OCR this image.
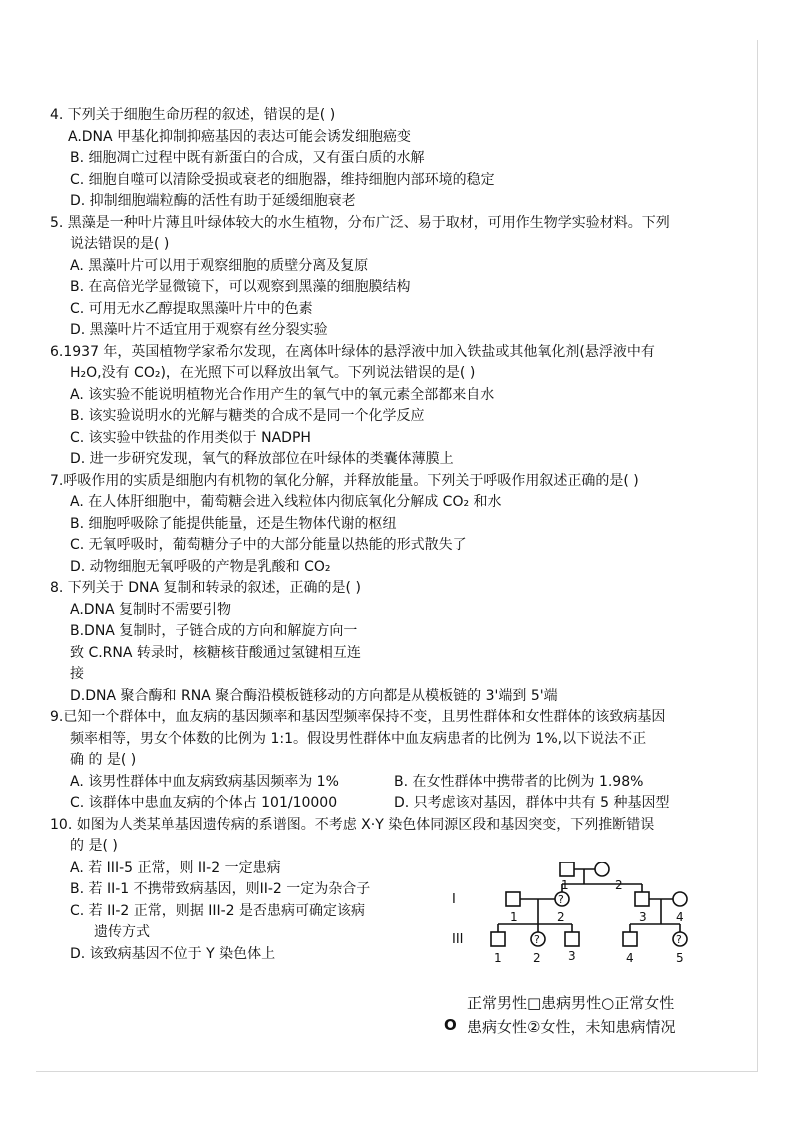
4. 下列关于细胞生命历程的叙述，错误的是( )
A.DNA 甲基化抑制抑癌基因的表达可能会诱发细胞癌变
B. 细胞凋亡过程中既有新蛋白的合成，又有蛋白质的水解
C. 细胞自噬可以清除受损或衰老的细胞器，维持细胞内部环境的稳定
D. 抑制细胞端粒酶的活性有助于延缓细胞衰老
5. 黑藻是一种叶片薄且叶绿体较大的水生植物，分布广泛、易于取材，可用作生物学实验材料。下列
说法错误的是( )
A. 黑藻叶片可以用于观察细胞的质壁分离及复原
B. 在高倍光学显微镜下，可以观察到黑藻的细胞膜结构
C. 可用无水乙醇提取黑藻叶片中的色素
D. 黑藻叶片不适宜用于观察有丝分裂实验
6.1937 年，英国植物学家希尔发现，在离体叶绿体的悬浮液中加入铁盐或其他氧化剂(悬浮液中有
H₂O,没有 CO₂)，在光照下可以释放出氧气。下列说法错误的是( )
A. 该实验不能说明植物光合作用产生的氧气中的氧元素全部都来自水
B. 该实验说明水的光解与糖类的合成不是同一个化学反应
C. 该实验中铁盐的作用类似于 NADPH
D. 进一步研究发现，氧气的释放部位在叶绿体的类囊体薄膜上
7.呼吸作用的实质是细胞内有机物的氧化分解，并释放能量。下列关于呼吸作用叙述正确的是( )
A. 在人体肝细胞中，葡萄糖会进入线粒体内彻底氧化分解成 CO₂ 和水
B. 细胞呼吸除了能提供能量，还是生物体代谢的枢纽
C. 无氧呼吸时，葡萄糖分子中的大部分能量以热能的形式散失了
D. 动物细胞无氧呼吸的产物是乳酸和 CO₂
8. 下列关于 DNA 复制和转录的叙述，正确的是( )
A.DNA 复制时不需要引物
B.DNA 复制时，子链合成的方向和解旋方向一
致 C.RNA 转录时，核糖核苷酸通过氢键相互连
接
D.DNA 聚合酶和 RNA 聚合酶沿模板链移动的方向都是从模板链的 3'端到 5'端
9.已知一个群体中，血友病的基因频率和基因型频率保持不变，且男性群体和女性群体的该致病基因
频率相等，男女个体数的比例为 1:1。假设男性群体中血友病患者的比例为 1%,以下说法不正
确 的 是( )
A. 该男性群体中血友病致病基因频率为 1%	B. 在女性群体中携带者的比例为 1.98%
C. 该群体中患血友病的个体占 101/10000	D. 只考虑该对基因，群体中共有 5 种基因型
10. 如图为人类某单基因遗传病的系谱图。不考虑 X·Y 染色体同源区段和基因突变，下列推断错误
的 是( )
A. 若 III-5 正常，则 II-2 一定患病
B. 若 II-1 不携带致病基因，则II-2 一定为杂合子
C. 若 II-2 正常，则据 III-2 是否患病可确定该病
遗传方式
D. 该致病基因不位于 Y 染色体上
I
III
1	2
1	2	3 4
1	2 3	4	5
?
?	?
正常男性□患病男性○正常女性
O 患病女性②女性，未知患病情况
